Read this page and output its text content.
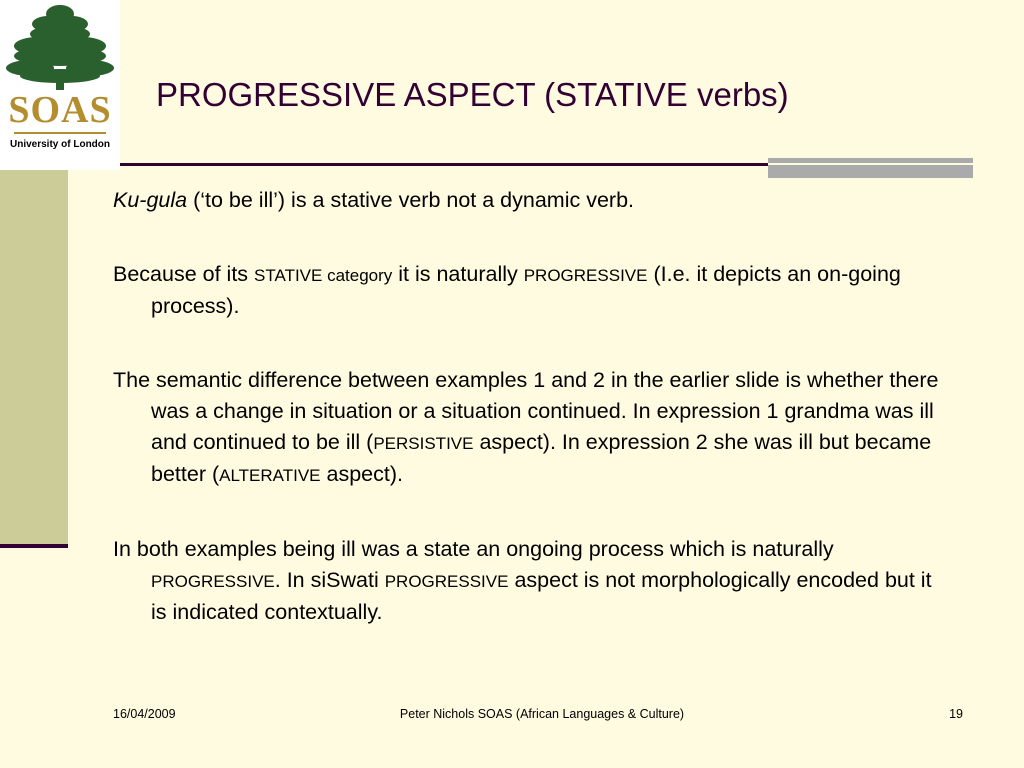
SOAS
University of London
PROGRESSIVE ASPECT (STATIVE verbs)

Ku-gula (‘to be ill’) is a stative verb not a dynamic verb.

Because of its STATIVE category it is naturally PROGRESSIVE (I.e. it depicts an on-going process).

The semantic difference between examples 1 and 2 in the earlier slide is whether there was a change in situation or a situation continued. In expression 1 grandma was ill and continued to be ill (PERSISTIVE aspect). In expression 2 she was ill but became better (ALTERATIVE aspect).

In both examples being ill was a state an ongoing process which is naturally PROGRESSIVE. In siSwati PROGRESSIVE aspect is not morphologically encoded but it is indicated contextually.

16/04/2009	Peter Nichols SOAS (African Languages & Culture)	19
